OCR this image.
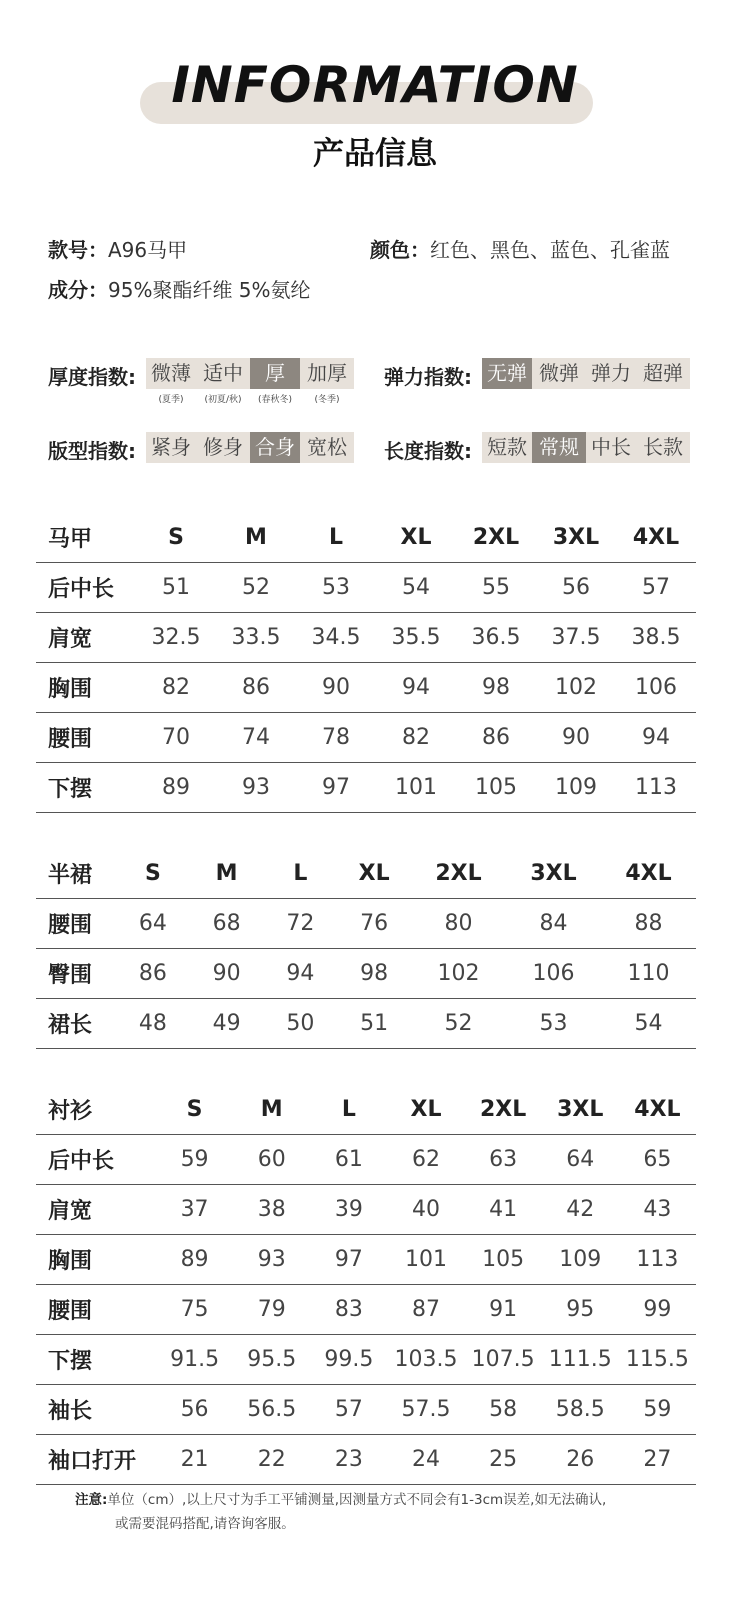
INFORMATION
产品信息
款号：A96马甲	颜色：红色、黑色、蓝色、孔雀蓝
成分：95%聚酯纤维 5%氨纶
厚度指数: 微薄 适中	厚	加厚
(夏季)	(初夏/秋)	(春秋冬)	(冬季)
弹力指数: 无弹 微弹 弹力 超弹
版型指数: 紧身 修身 合身 宽松	长度指数: 短款 常规 中长 长款
马甲	S	M	L	XL	2XL	3XL	4XL
后中长	51	52	53	54	55	56	57
肩宽	32.5	33.5	34.5	35.5	36.5	37.5	38.5
胸围	82	86	90	94	98	102	106
腰围	70	74	78	82	86	90	94
下摆	89	93	97	101	105	109	113
半裙	S	M	L	XL	2XL	3XL	4XL
腰围	64	68	72	76	80	84	88
臀围	86	90	94	98	102	106	110
裙长	48	49	50	51	52	53	54
衬衫	S	M	L	XL	2XL	3XL	4XL
后中长	59	60	61	62	63	64	65
肩宽	37	38	39	40	41	42	43
胸围	89	93	97	101	105	109	113
腰围	75	79	83	87	91	95	99
下摆	91.5	95.5	99.5	103.5	107.5	111.5	115.5
袖长	56	56.5	57	57.5	58	58.5	59
袖口打开	21	22	23	24	25	26	27
注意:单位（cm）,以上尺寸为手工平铺测量,因测量方式不同会有1-3cm误差,如无法确认,
或需要混码搭配,请咨询客服。
